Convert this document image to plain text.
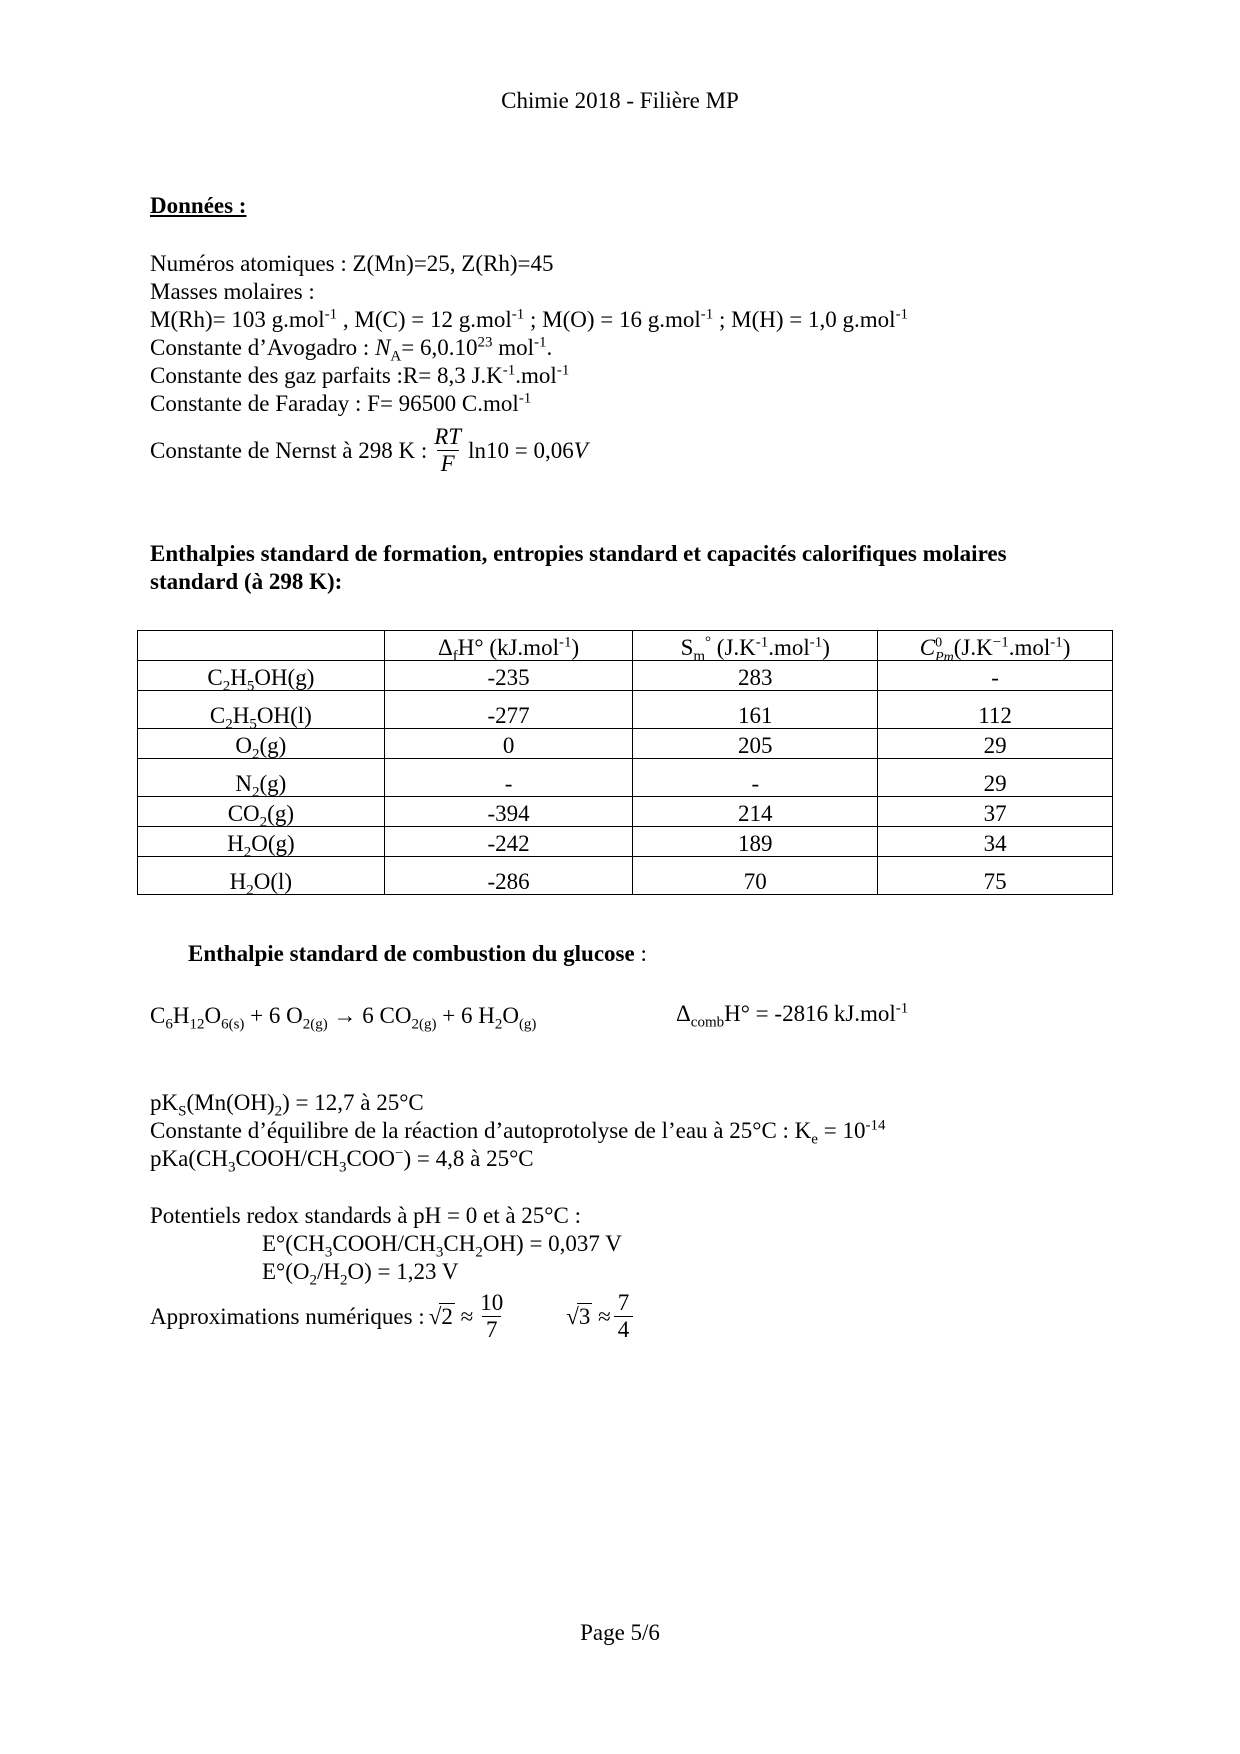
Chimie 2018 - Filière MP
Données :
Numéros atomiques : Z(Mn)=25, Z(Rh)=45
Masses molaires :
M(Rh)= 103 g.mol$^{-1}$ , M(C) = 12 g.mol$^{-1}$ ; M(O) = 16 g.mol$^{-1}$ ; M(H) = 1,0 g.mol$^{-1}$
Constante d’Avogadro : $N_A= 6,0.10^{23}$ mol$^{-1}$.
Constante des gaz parfaits :R= 8,3 $J.K^{-1}.mol^{-1}$
Constante de Faraday : F= 96500 C.mol$^{-1}$
Constante de Nernst à 298 K : $\frac{RT}{F} \ln 10 = 0,06$ V
Enthalpies standard de formation, entropies standard et capacités calorifiques molaires
standard (à 298 K):
	$\Delta_fH^\circ$ (kJ.mol$^{-1}$)	$S_m^\circ$ $(J.K^{-1}.mol^{-1})$	$C^0_{Pm}(J.K^{-1}.mol^{-1})$
$C_2H_5OH(g)$	-235	283	-
$C_2H_5OH(l)$	-277	161	112
$O_2(g)$	0	205	29
$N_2(g)$	-	-	29
$CO_2(g)$	-394	214	37
$H_2O(g)$	-242	189	34
$H_2O(l)$	-286	70	75
Enthalpie standard de combustion du glucose :
$C_6H_{12}O_{6(s)} + 6$ $O_{2(g)} \to 6$ $CO_{2(g)} + 6$ $H_2O_{(g)}$	$\Delta_{comb}H^\circ = -2816$ kJ.mol$^{-1}$
$pK_S(Mn(OH)_2) = 12,7$ à 25°C
Constante d’équilibre de la réaction d’autoprotolyse de l’eau à 25°C : $K_e = 10^{-14}$
$pKa(CH_3COOH/CH_3COO^-) = 4,8$ à 25°C
Potentiels redox standards à pH = 0 et à 25°C :
$E^\circ(CH_3COOH/CH_3CH_2OH) = 0,037$ V
$E^\circ(O_2/H_2O) = 1,23$ V
Approximations numériques : $√2 \approx \frac{10}{7}$	$√3 \approx \frac{7}{4}$
Page 5/6
